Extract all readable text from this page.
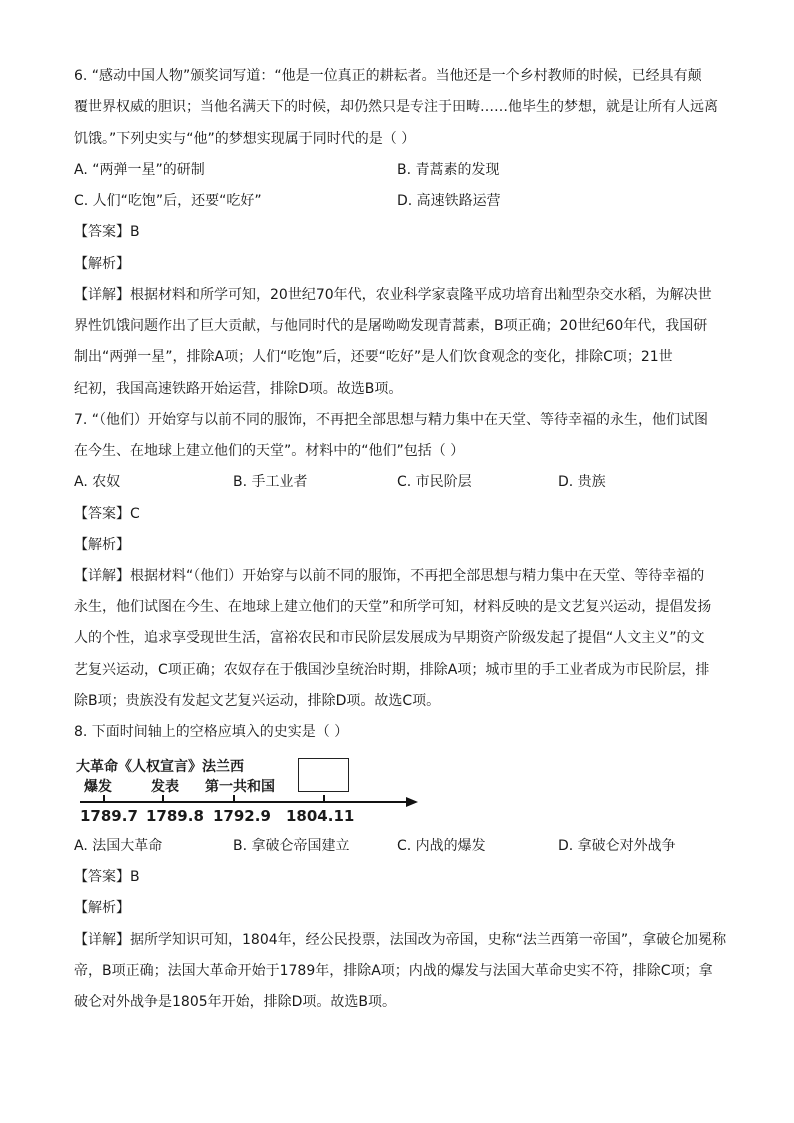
6. “感动中国人物”颁奖词写道：“他是一位真正的耕耘者。当他还是一个乡村教师的时候，已经具有颠
覆世界权威的胆识；当他名满天下的时候，却仍然只是专注于田畴……他毕生的梦想，就是让所有人远离
饥饿。”下列史实与“他”的梦想实现属于同时代的是（ ）
A. “两弹一星”的研制	B. 青蒿素的发现
C. 人们“吃饱”后，还要“吃好”	D. 高速铁路运营
【答案】B
【解析】
【详解】根据材料和所学可知，20世纪70年代，农业科学家袁隆平成功培育出籼型杂交水稻，为解决世
界性饥饿问题作出了巨大贡献，与他同时代的是屠呦呦发现青蒿素，B项正确；20世纪60年代，我国研
制出“两弹一星”，排除A项；人们“吃饱”后，还要“吃好”是人们饮食观念的变化，排除C项；21世
纪初，我国高速铁路开始运营，排除D项。故选B项。
7. “（他们）开始穿与以前不同的服饰，不再把全部思想与精力集中在天堂、等待幸福的永生，他们试图
在今生、在地球上建立他们的天堂”。材料中的“他们”包括（ ）
A. 农奴	B. 手工业者	C. 市民阶层	D. 贵族
【答案】C
【解析】
【详解】根据材料“（他们）开始穿与以前不同的服饰，不再把全部思想与精力集中在天堂、等待幸福的
永生，他们试图在今生、在地球上建立他们的天堂”和所学可知，材料反映的是文艺复兴运动，提倡发扬
人的个性，追求享受现世生活，富裕农民和市民阶层发展成为早期资产阶级发起了提倡“人文主义”的文
艺复兴运动，C项正确；农奴存在于俄国沙皇统治时期，排除A项；城市里的手工业者成为市民阶层，排
除B项；贵族没有发起文艺复兴运动，排除D项。故选C项。
8. 下面时间轴上的空格应填入的史实是（ ）
大革命《人权宣言》法兰西
爆发	发表 第一共和国
1789.7 1789.8 1792.9 1804.11
A. 法国大革命	B. 拿破仑帝国建立	C. 内战的爆发	D. 拿破仑对外战争
【答案】B
【解析】
【详解】据所学知识可知，1804年，经公民投票，法国改为帝国，史称“法兰西第一帝国”，拿破仑加冕称
帝，B项正确；法国大革命开始于1789年，排除A项；内战的爆发与法国大革命史实不符，排除C项；拿
破仑对外战争是1805年开始，排除D项。故选B项。
